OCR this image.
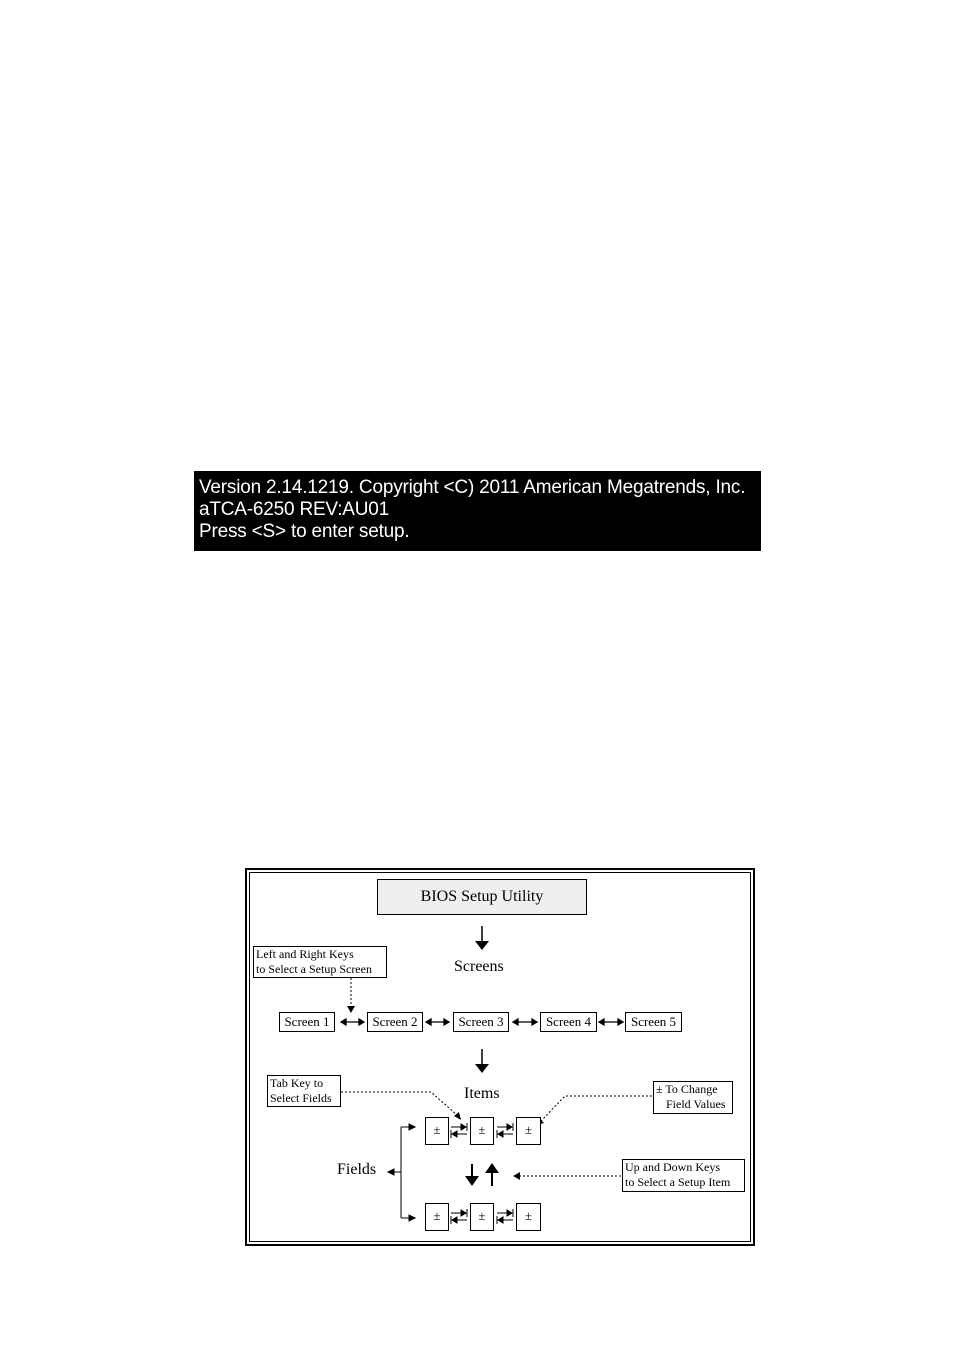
Version 2.14.1219. Copyright <C) 2011 American Megatrends, Inc.
aTCA-6250 REV:AU01
Press <S> to enter setup.
BIOS Setup Utility
Screens
Left and Right Keys
to Select a Setup Screen
Screen 1	Screen 2	Screen 3	Screen 4	Screen 5
Items
Tab Key to
Select Fields
± To Change
Field Values
±	±	±
Fields	Up and Down Keys
to Select a Setup Item
±	±	±
